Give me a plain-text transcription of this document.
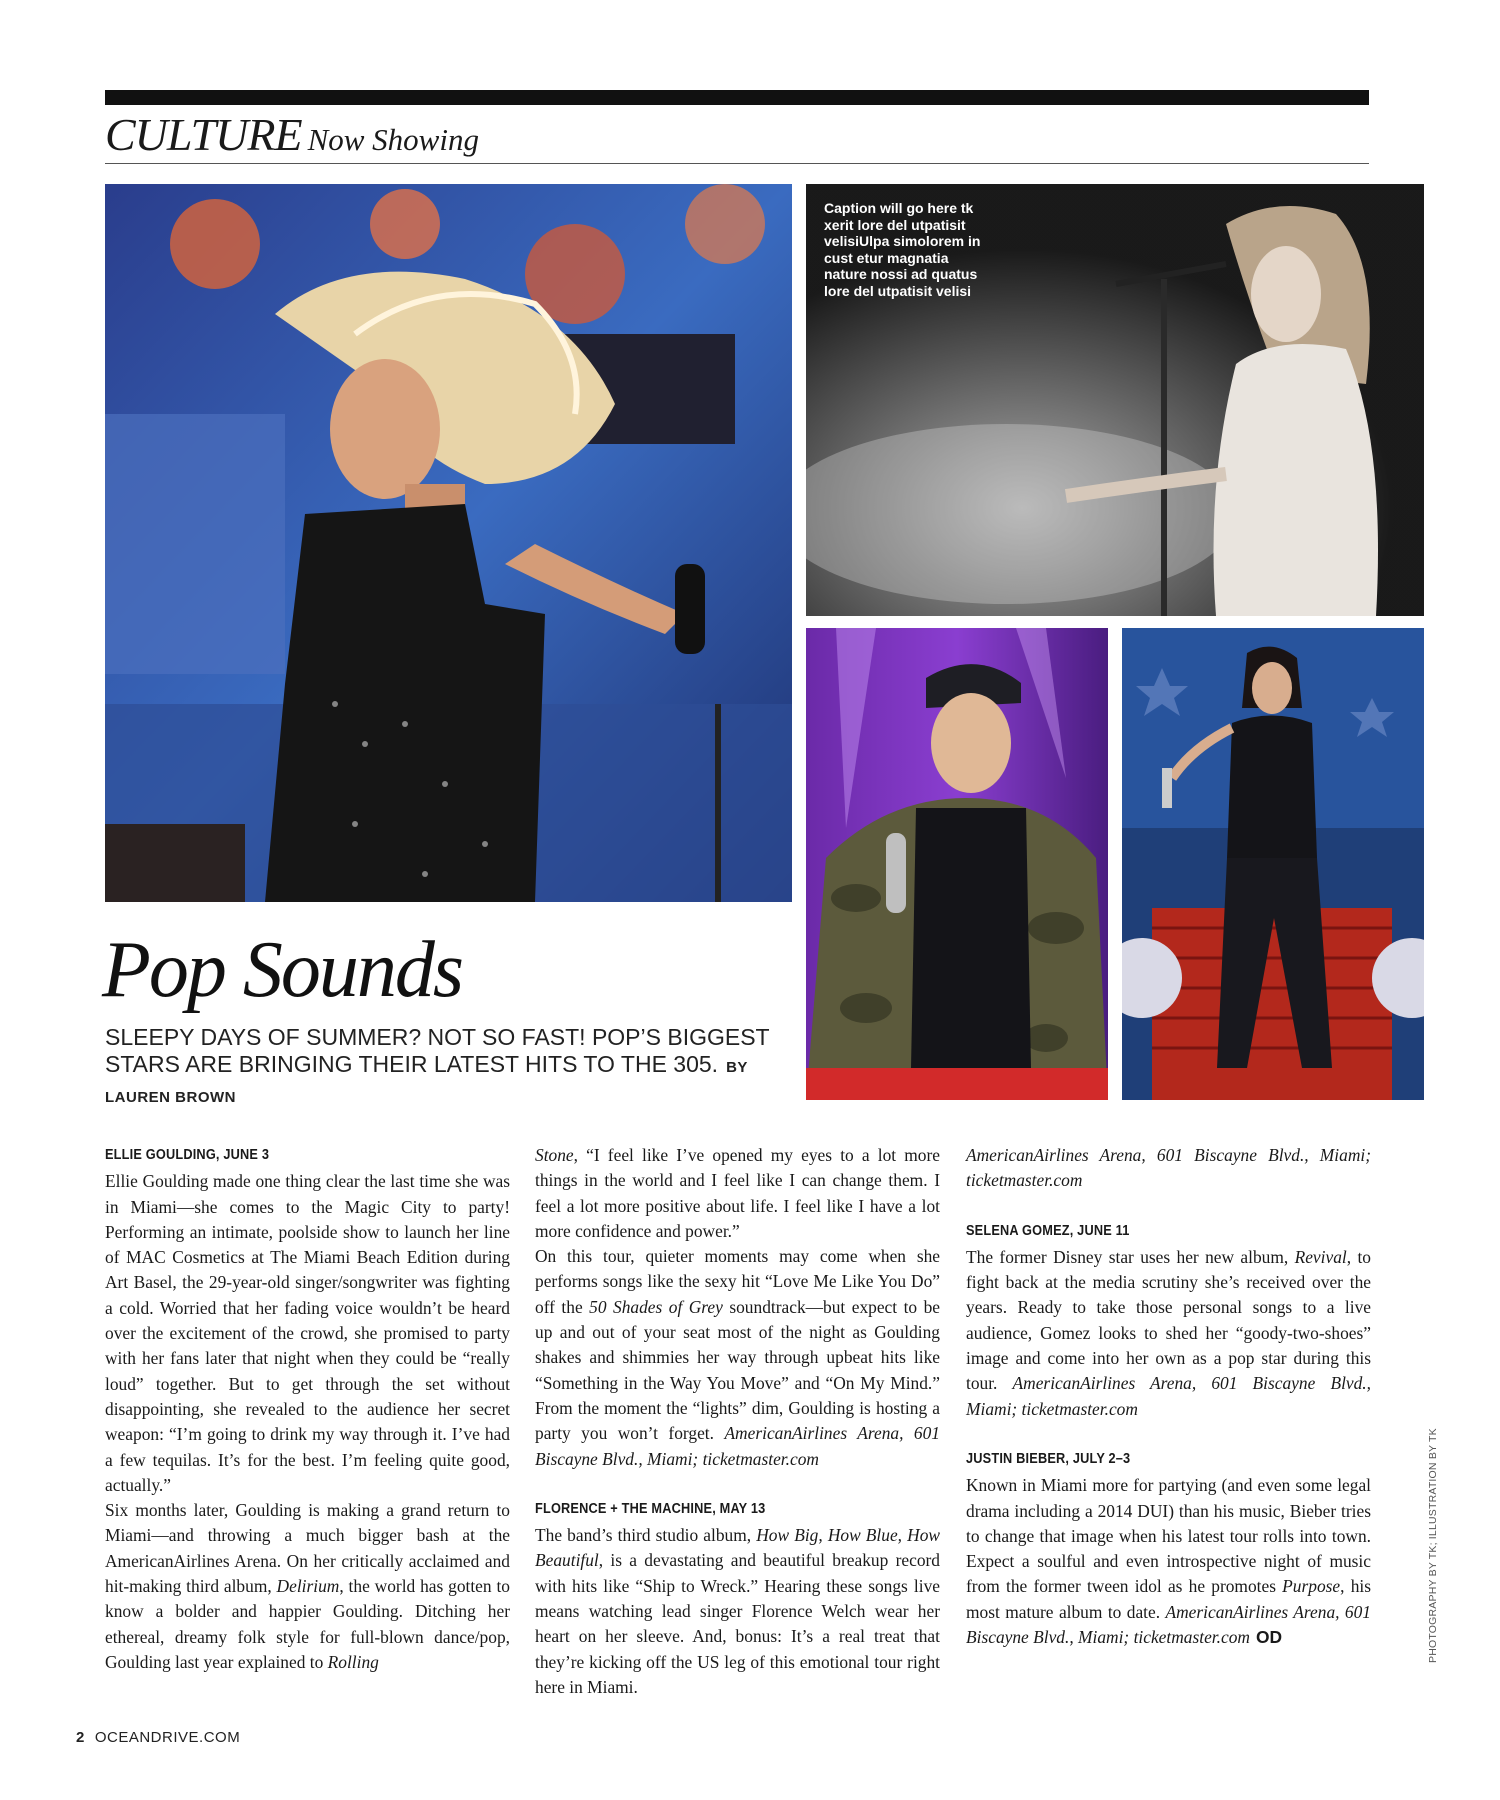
CULTURE Now Showing
Caption will go here tk xerit lore del utpatisit velisiUlpa simolorem in cust etur magnatia nature nossi ad quatus lore del utpatisit velisi
Pop Sounds
SLEEPY DAYS OF SUMMER? NOT SO FAST! POP’S BIGGEST STARS ARE BRINGING THEIR LATEST HITS TO THE 305. BY LAUREN BROWN
ELLIE GOULDING, JUNE 3

Ellie Goulding made one thing clear the last time she was in Miami—she comes to the Magic City to party! Performing an intimate, poolside show to launch her line of MAC Cosmetics at The Miami Beach Edition during Art Basel, the 29-year-old singer/songwriter was fighting a cold. Worried that her fading voice wouldn’t be heard over the excitement of the crowd, she promised to party with her fans later that night when they could be “really loud” together. But to get through the set without disappointing, she revealed to the audience her secret weapon: “I’m going to drink my way through it. I’ve had a few tequilas. It’s for the best. I’m feeling quite good, actually.”

Six months later, Goulding is making a grand return to Miami—and throwing a much bigger bash at the AmericanAirlines Arena. On her critically acclaimed and hit-making third album, Delirium, the world has gotten to know a bolder and happier Goulding. Ditching her ethereal, dreamy folk style for full-blown dance/pop, Goulding last year explained to Rolling

Stone, “I feel like I’ve opened my eyes to a lot more things in the world and I feel like I can change them. I feel a lot more positive about life. I feel like I have a lot more confidence and power.”

On this tour, quieter moments may come when she performs songs like the sexy hit “Love Me Like You Do” off the 50 Shades of Grey soundtrack—but expect to be up and out of your seat most of the night as Goulding shakes and shimmies her way through upbeat hits like “Something in the Way You Move” and “On My Mind.” From the moment the “lights” dim, Goulding is hosting a party you won’t forget. AmericanAirlines Arena, 601 Biscayne Blvd., Miami; ticketmaster.com

FLORENCE + THE MACHINE, MAY 13

The band’s third studio album, How Big, How Blue, How Beautiful, is a devastating and beautiful breakup record with hits like “Ship to Wreck.” Hearing these songs live means watching lead singer Florence Welch wear her heart on her sleeve. And, bonus: It’s a real treat that they’re kicking off the US leg of this emotional tour right here in Miami.

AmericanAirlines Arena, 601 Biscayne Blvd., Miami; ticketmaster.com

SELENA GOMEZ, JUNE 11

The former Disney star uses her new album, Revival, to fight back at the media scrutiny she’s received over the years. Ready to take those personal songs to a live audience, Gomez looks to shed her “goody-two-shoes” image and come into her own as a pop star during this tour. AmericanAirlines Arena, 601 Biscayne Blvd., Miami; ticketmaster.com

JUSTIN BIEBER, JULY 2–3

Known in Miami more for partying (and even some legal drama including a 2014 DUI) than his music, Bieber tries to change that image when his latest tour rolls into town. Expect a soulful and even introspective night of music from the former tween idol as he promotes Purpose, his most mature album to date. AmericanAirlines Arena, 601 Biscayne Blvd., Miami; ticketmaster.com OD	PHOTOGRAPHY BY TK; ILLUSTRATION BY TK
2 OCEANDRIVE.COM
